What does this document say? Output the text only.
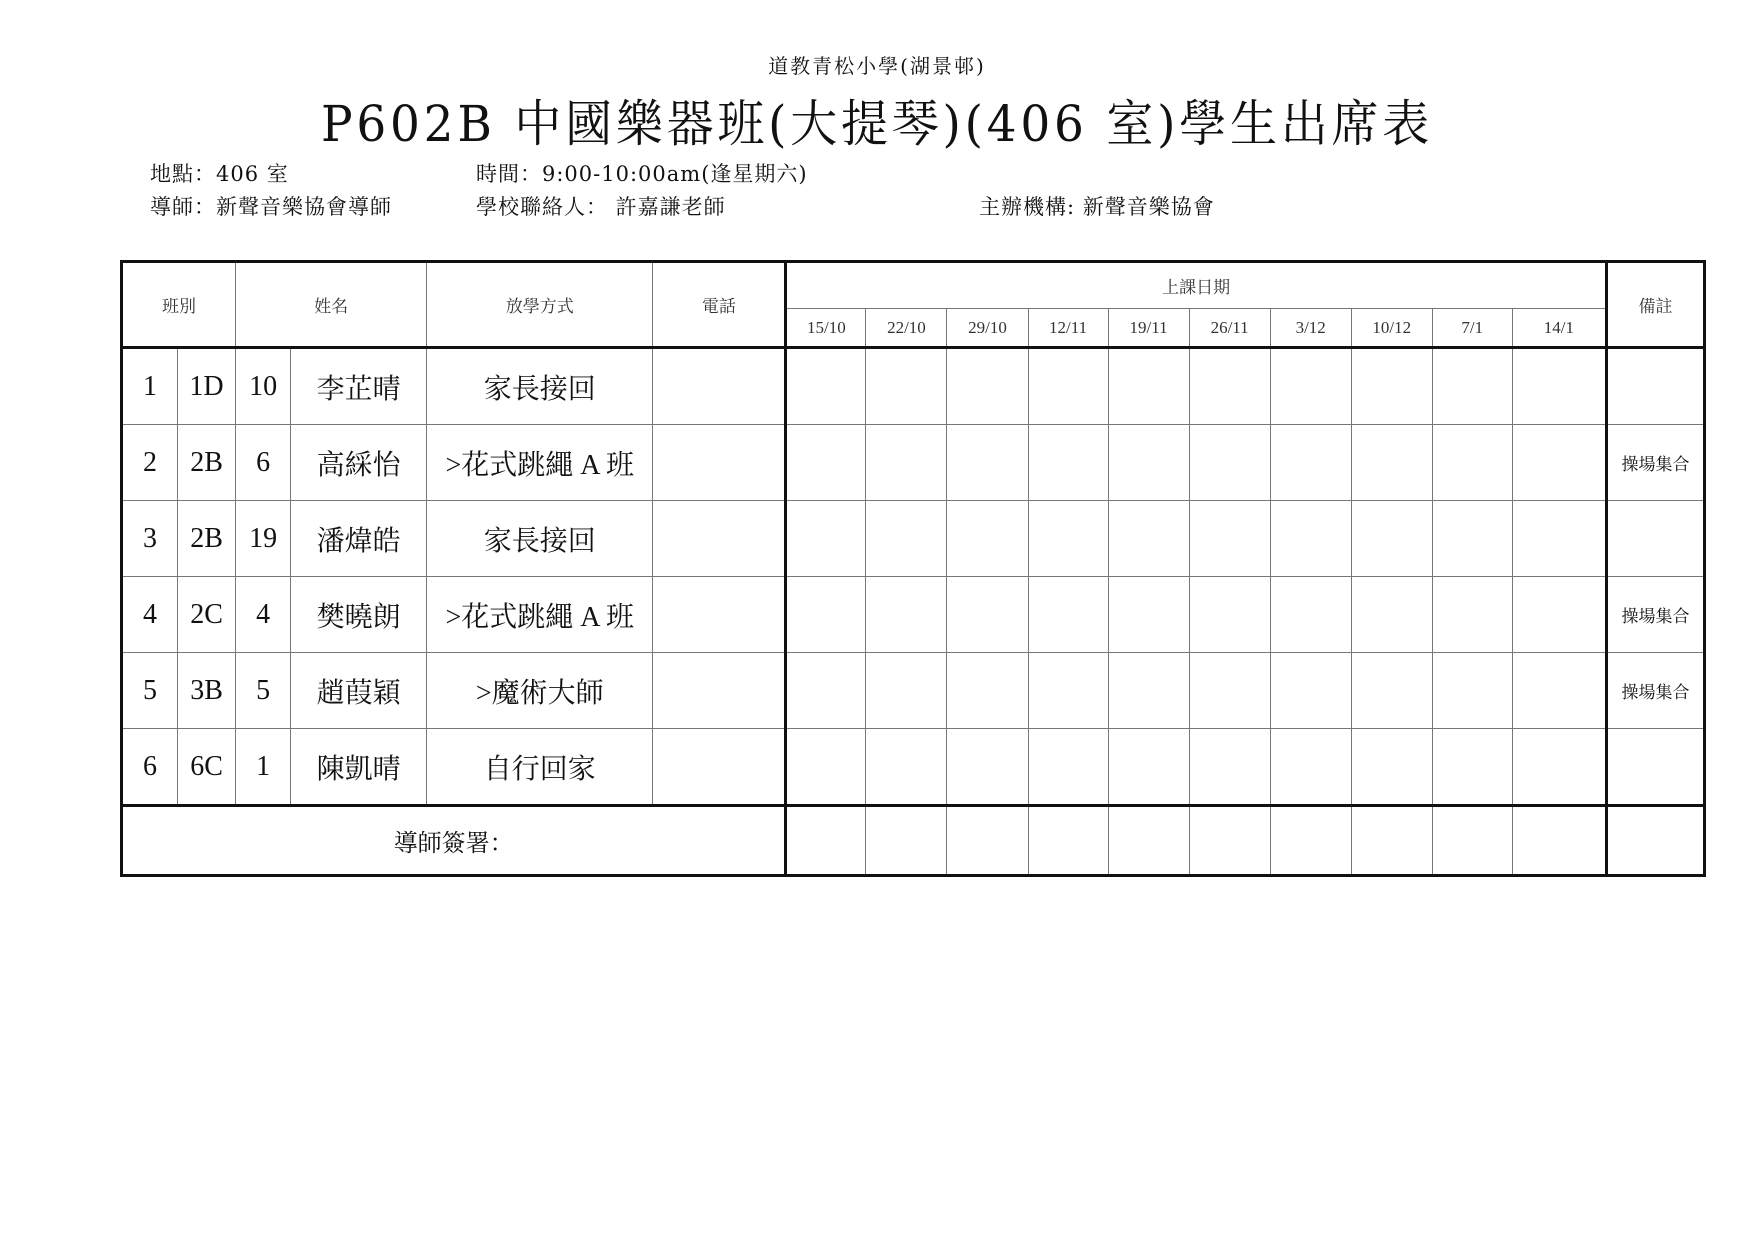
道教青松小學(湖景邨)
P602B 中國樂器班(大提琴)(406 室)學生出席表
地點：406 室	時間：9:00-10:00am(逢星期六)
導師：新聲音樂協會導師	學校聯絡人： 許嘉謙老師	主辦機構: 新聲音樂協會
班別		姓名		放學方式	電話	上課日期										備註
						15/10	22/10	29/10	12/11	19/11	26/11	3/12	10/12	7/1	14/1	
1	1D	10	李芷晴	家長接回												
2	2B	6	高綵怡	>花式跳繩 A 班												操場集合
3	2B	19	潘煒皓	家長接回												
4	2C	4	樊曉朗	>花式跳繩 A 班												操場集合
5	3B	5	趙葭穎	>魔術大師												操場集合
6	6C	1	陳凱晴	自行回家												
導師簽署：																
